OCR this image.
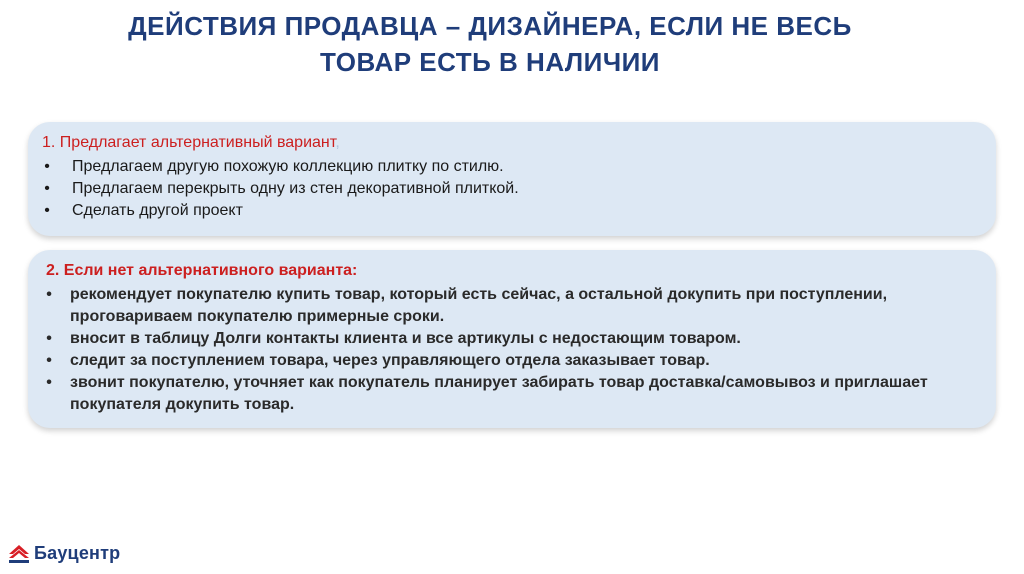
ДЕЙСТВИЯ ПРОДАВЦА – ДИЗАЙНЕРА, ЕСЛИ НЕ ВЕСЬ
ТОВАР ЕСТЬ В НАЛИЧИИ
1. Предлагает альтернативный вариант,
• Предлагаем другую похожую коллекцию плитку по стилю.
• Предлагаем перекрыть одну из стен декоративной плиткой.
• Сделать другой проект
2. Если нет альтернативного варианта:
• рекомендует покупателю купить товар, который есть сейчас, а остальной докупить при поступлении, проговариваем покупателю примерные сроки.
• вносит в таблицу Долги контакты клиента и все артикулы с недостающим товаром.
• следит за поступлением товара, через управляющего отдела заказывает товар.
• звонит покупателю, уточняет как покупатель планирует забирать товар доставка/самовывоз и приглашает покупателя докупить товар.
Бауцентр
